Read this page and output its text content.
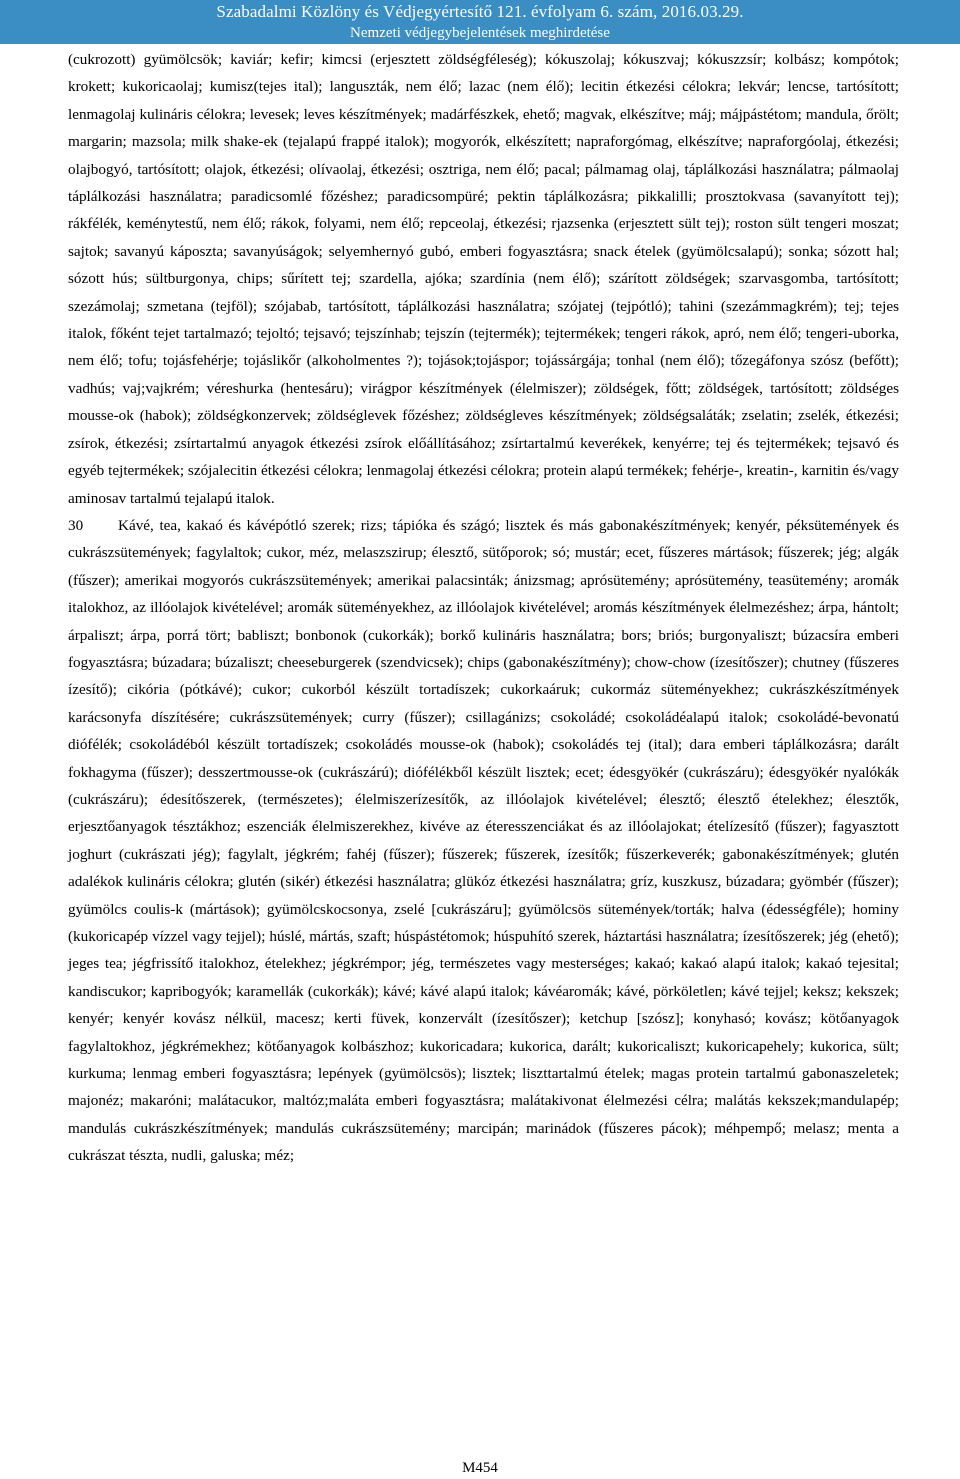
Szabadalmi Közlöny és Védjegyértesítő 121. évfolyam 6. szám, 2016.03.29.
Nemzeti védjegybejelentések meghirdetése

(cukrozott) gyümölcsök; kaviár; kefir; kimcsi (erjesztett zöldségféleség); kókuszolaj; kókuszvaj; kókuszzsír; kolbász; kompótok; krokett; kukoricaolaj; kumisz(tejes ital); languszták, nem élő; lazac (nem élő); lecitin étkezési célokra; lekvár; lencse, tartósított; lenmagolaj kulináris célokra; levesek; leves készítmények; madárfészkek, ehető; magvak, elkészítve; máj; májpástétom; mandula, őrölt; margarin; mazsola; milk shake-ek (tejalapú frappé italok); mogyorók, elkészített; napraforgómag, elkészítve; napraforgóolaj, étkezési; olajbogyó, tartósított; olajok, étkezési; olívaolaj, étkezési; osztriga, nem élő; pacal; pálmamag olaj, táplálkozási használatra; pálmaolaj táplálkozási használatra; paradicsomlé főzéshez; paradicsompüré; pektin táplálkozásra; pikkalilli; prosztokvasa (savanyított tej); rákfélék, keménytestű, nem élő; rákok, folyami, nem élő; repceolaj, étkezési; rjazsenka (erjesztett sült tej); roston sült tengeri moszat; sajtok; savanyú káposzta; savanyúságok; selyemhernyó gubó, emberi fogyasztásra; snack ételek (gyümölcsalapú); sonka; sózott hal; sózott hús; sültburgonya, chips; sűrített tej; szardella, ajóka; szardínia (nem élő); szárított zöldségek; szarvasgomba, tartósított; szezámolaj; szmetana (tejföl); szójabab, tartósított, táplálkozási használatra; szójatej (tejpótló); tahini (szezámmagkrém); tej; tejes italok, főként tejet tartalmazó; tejoltó; tejsavó; tejszínhab; tejszín (tejtermék); tejtermékek; tengeri rákok, apró, nem élő; tengeri-uborka, nem élő; tofu; tojásfehérje; tojáslikőr (alkoholmentes ?); tojások;tojáspor; tojássárgája; tonhal (nem élő); tőzegáfonya szósz (befőtt); vadhús; vaj;vajkrém; véreshurka (hentesáru); virágpor készítmények (élelmiszer); zöldségek, főtt; zöldségek, tartósított; zöldséges mousse-ok (habok); zöldségkonzervek; zöldséglevek főzéshez; zöldségleves készítmények; zöldségsaláták; zselatin; zselék, étkezési; zsírok, étkezési; zsírtartalmú anyagok étkezési zsírok előállításához; zsírtartalmú keverékek, kenyérre; tej és tejtermékek; tejsavó és egyéb tejtermékek; szójalecitin étkezési célokra; lenmagolaj étkezési célokra; protein alapú termékek; fehérje-, kreatin-, karnitin és/vagy aminosav tartalmú tejalapú italok.

30 Kávé, tea, kakaó és kávépótló szerek; rizs; tápióka és szágó; lisztek és más gabonakészítmények; kenyér, péksütemények és cukrászsütemények; fagylaltok; cukor, méz, melaszszirup; élesztő, sütőporok; só; mustár; ecet, fűszeres mártások; fűszerek; jég; algák (fűszer); amerikai mogyorós cukrászsütemények; amerikai palacsinták; ánizsmag; aprósütemény; aprósütemény, teasütemény; aromák italokhoz, az illóolajok kivételével; aromák süteményekhez, az illóolajok kivételével; aromás készítmények élelmezéshez; árpa, hántolt; árpaliszt; árpa, porrá tört; babliszt; bonbonok (cukorkák); borkő kulináris használatra; bors; briós; burgonyaliszt; búzacsíra emberi fogyasztásra; búzadara; búzaliszt; cheeseburgerek (szendvicsek); chips (gabonakészítmény); chow-chow (ízesítőszer); chutney (fűszeres ízesítő); cikória (pótkávé); cukor; cukorból készült tortadíszek; cukorkaáruk; cukormáz süteményekhez; cukrászkészítmények karácsonyfa díszítésére; cukrászsütemények; curry (fűszer); csillagánizs; csokoládé; csokoládéalapú italok; csokoládé-bevonatú diófélék; csokoládéból készült tortadíszek; csokoládés mousse-ok (habok); csokoládés tej (ital); dara emberi táplálkozásra; darált fokhagyma (fűszer); desszertmousse-ok (cukrászárú); diófélékből készült lisztek; ecet; édesgyökér (cukrászáru); édesgyökér nyalókák (cukrászáru); édesítőszerek, (természetes); élelmiszerízesítők, az illóolajok kivételével; élesztő; élesztő ételekhez; élesztők, erjesztőanyagok tésztákhoz; eszenciák élelmiszerekhez, kivéve az éteresszenciákat és az illóolajokat; ételízesítő (fűszer); fagyasztott joghurt (cukrászati jég); fagylalt, jégkrém; fahéj (fűszer); fűszerek; fűszerek, ízesítők; fűszerkeverék; gabonakészítmények; glutén adalékok kulináris célokra; glutén (sikér) étkezési használatra; glükóz étkezési használatra; gríz, kuszkusz, búzadara; gyömbér (fűszer); gyümölcs coulis-k (mártások); gyümölcskocsonya, zselé [cukrászáru]; gyümölcsös sütemények/torták; halva (édességféle); hominy (kukoricapép vízzel vagy tejjel); húslé, mártás, szaft; húspástétomok; húspuhító szerek, háztartási használatra; ízesítőszerek; jég (ehető); jeges tea; jégfrissítő italokhoz, ételekhez; jégkrémpor; jég, természetes vagy mesterséges; kakaó; kakaó alapú italok; kakaó tejesital; kandiscukor; kapribogyók; karamellák (cukorkák); kávé; kávé alapú italok; kávéaromák; kávé, pörköletlen; kávé tejjel; keksz; kekszek; kenyér; kenyér kovász nélkül, macesz; kerti füvek, konzervált (ízesítőszer); ketchup [szósz]; konyhasó; kovász; kötőanyagok fagylaltokhoz, jégkrémekhez; kötőanyagok kolbászhoz; kukoricadara; kukorica, darált; kukoricaliszt; kukoricapehely; kukorica, sült; kurkuma; lenmag emberi fogyasztásra; lepények (gyümölcsös); lisztek; liszttartalmú ételek; magas protein tartalmú gabonaszeletek; majonéz; makaróni; malátacukor, maltóz;maláta emberi fogyasztásra; malátakivonat élelmezési célra; malátás kekszek;mandulapép; mandulás cukrászkészítmények; mandulás cukrászsütemény; marcipán; marinádok (fűszeres pácok); méhpempő; melasz; menta a cukrászat tészta, nudli, galuska; méz;

M454
